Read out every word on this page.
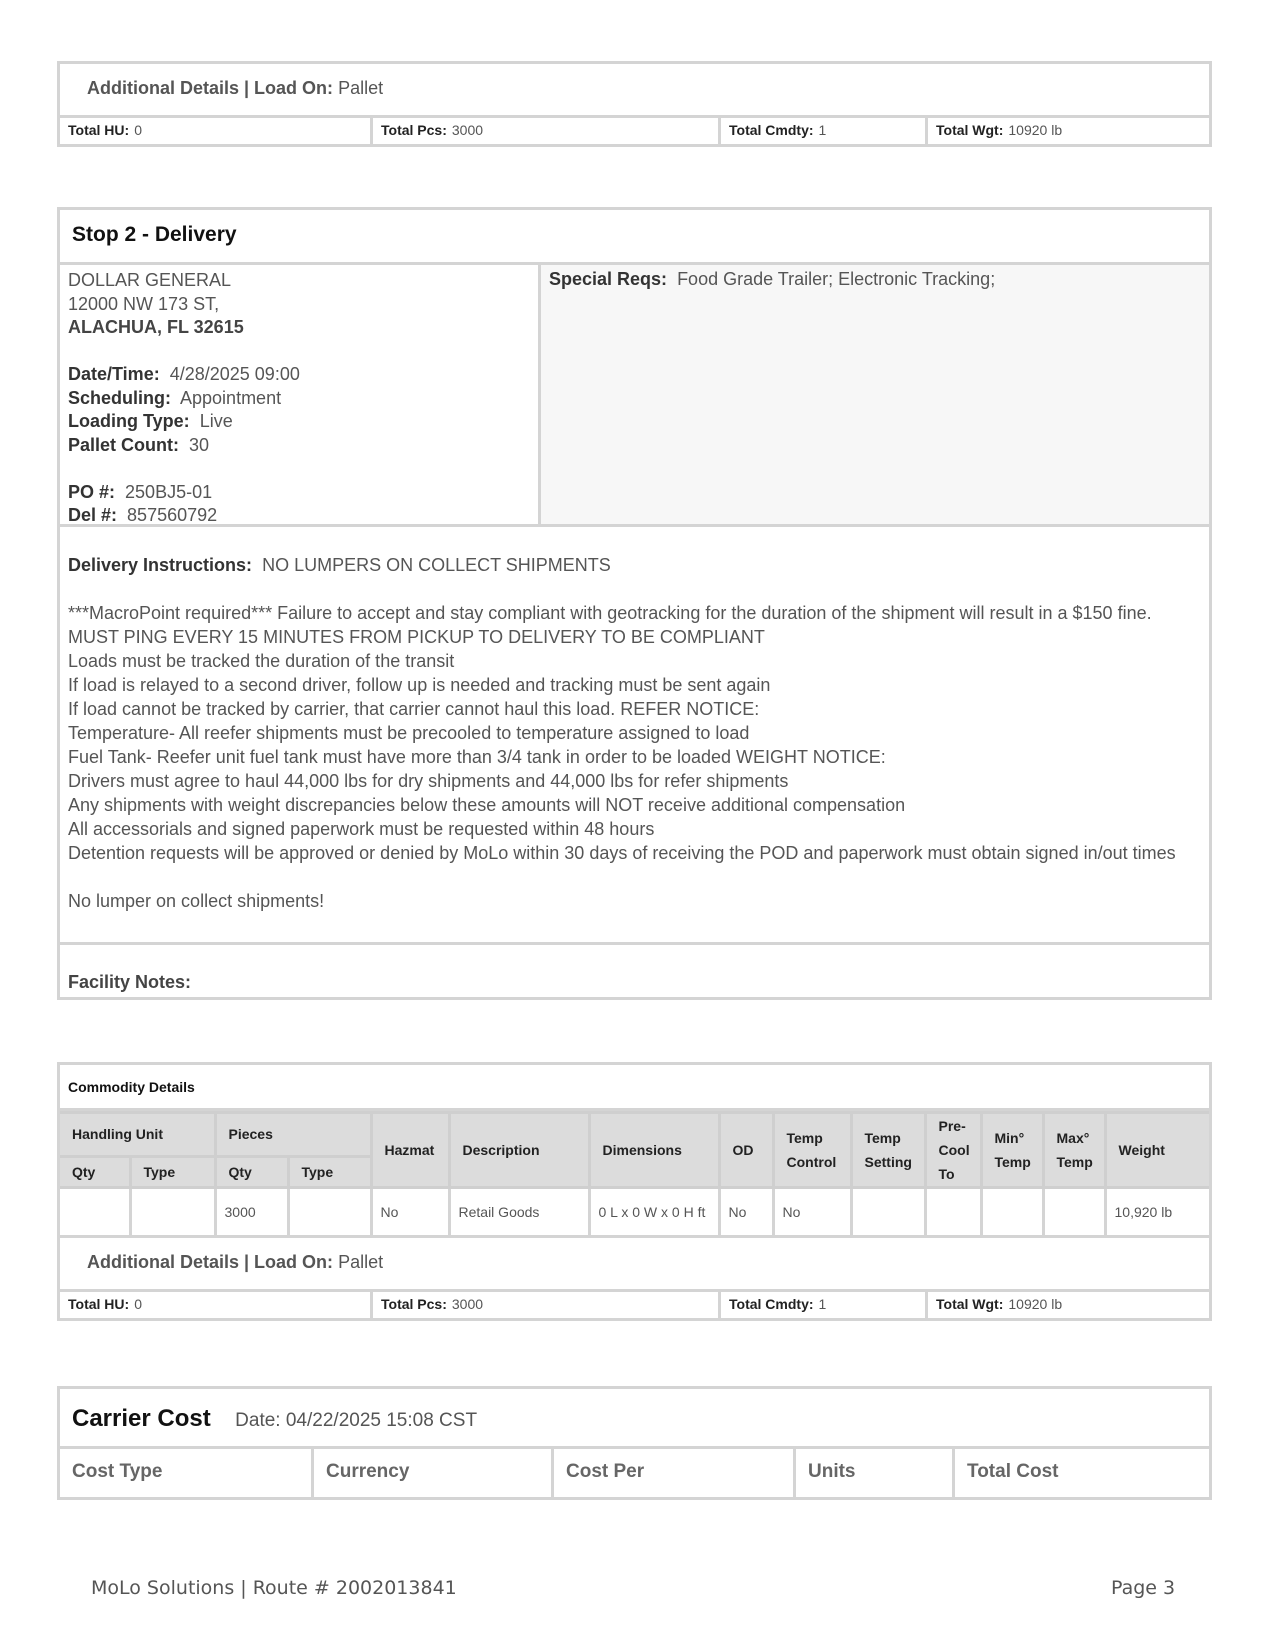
Additional Details | Load On: Pallet
Total HU: 0	Total Pcs: 3000	Total Cmdty: 1	Total Wgt: 10920 lb
Stop 2 - Delivery
DOLLAR GENERAL
12000 NW 173 ST,
ALACHUA, FL 32615
Date/Time: 4/28/2025 09:00
Scheduling: Appointment
Loading Type: Live
Pallet Count: 30
PO #: 250BJ5-01
Del #: 857560792
Special Reqs: Food Grade Trailer; Electronic Tracking;
Delivery Instructions: NO LUMPERS ON COLLECT SHIPMENTS
***MacroPoint required*** Failure to accept and stay compliant with geotracking for the duration of the shipment will result in a $150 fine.
MUST PING EVERY 15 MINUTES FROM PICKUP TO DELIVERY TO BE COMPLIANT
Loads must be tracked the duration of the transit
If load is relayed to a second driver, follow up is needed and tracking must be sent again
If load cannot be tracked by carrier, that carrier cannot haul this load. REFER NOTICE:
Temperature- All reefer shipments must be precooled to temperature assigned to load
Fuel Tank- Reefer unit fuel tank must have more than 3/4 tank in order to be loaded WEIGHT NOTICE:
Drivers must agree to haul 44,000 lbs for dry shipments and 44,000 lbs for refer shipments
Any shipments with weight discrepancies below these amounts will NOT receive additional compensation
All accessorials and signed paperwork must be requested within 48 hours
Detention requests will be approved or denied by MoLo within 30 days of receiving the POD and paperwork must obtain signed in/out times
No lumper on collect shipments!
Facility Notes:
Commodity Details
Handling Unit		Pieces		Hazmat	Description	Dimensions	OD	Temp Control	Temp Setting	Pre-Cool To	Min° Temp	Max° Temp	Weight
Qty	Type	Qty	Type										
		3000		No	Retail Goods	0 L x 0 W x 0 H ft	No	No					10,920 lb
Additional Details | Load On: Pallet
Total HU: 0	Total Pcs: 3000	Total Cmdty: 1	Total Wgt: 10920 lb
Carrier Cost Date: 04/22/2025 15:08 CST
Cost Type	Currency	Cost Per	Units	Total Cost
MoLo Solutions | Route # 2002013841	Page 3
